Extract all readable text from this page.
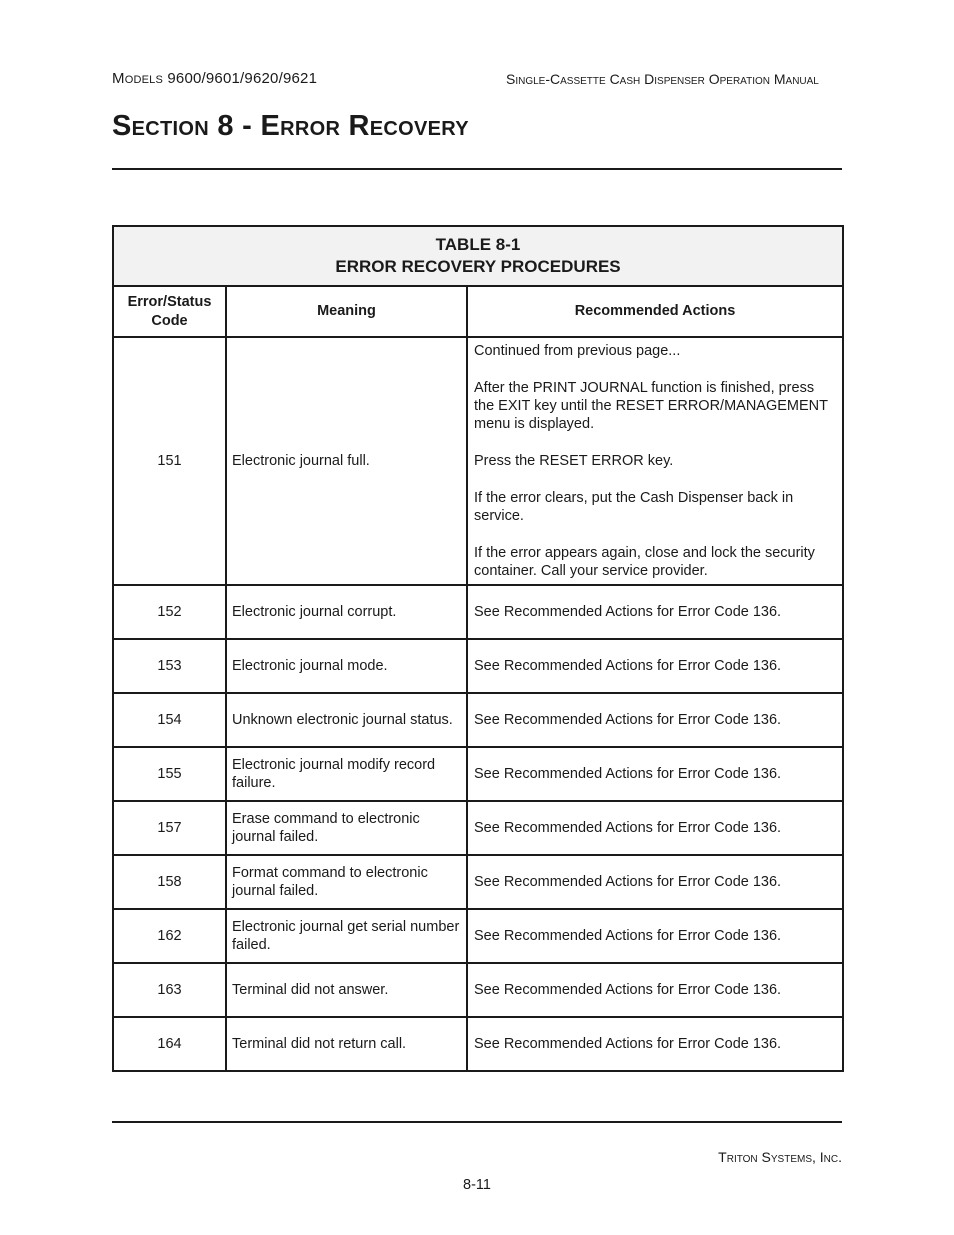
Models 9600/9601/9620/9621	Single-Cassette Cash Dispenser Operation Manual
Section 8 - Error Recovery
TABLE 8-1
ERROR RECOVERY PROCEDURES		

Error/Status Code	Meaning	Recommended Actions
151	Electronic journal full.	Continued from previous page...

After the PRINT JOURNAL function is finished, press the EXIT key until the RESET ERROR/MANAGEMENT menu is displayed.

Press the RESET ERROR key.

If the error clears, put the Cash Dispenser back in service.

If the error appears again, close and lock the security container. Call your service provider.

152	Electronic journal corrupt.	See Recommended Actions for Error Code 136.
153	Electronic journal mode.	See Recommended Actions for Error Code 136.
154	Unknown electronic journal status.	See Recommended Actions for Error Code 136.
155	Electronic journal modify record failure.	See Recommended Actions for Error Code 136.
157	Erase command to electronic journal failed.	See Recommended Actions for Error Code 136.
158	Format command to electronic journal failed.	See Recommended Actions for Error Code 136.
162	Electronic journal get serial number failed.	See Recommended Actions for Error Code 136.
163	Terminal did not answer.	See Recommended Actions for Error Code 136.
164	Terminal did not return call.	See Recommended Actions for Error Code 136.
Triton Systems, Inc.
8-11
